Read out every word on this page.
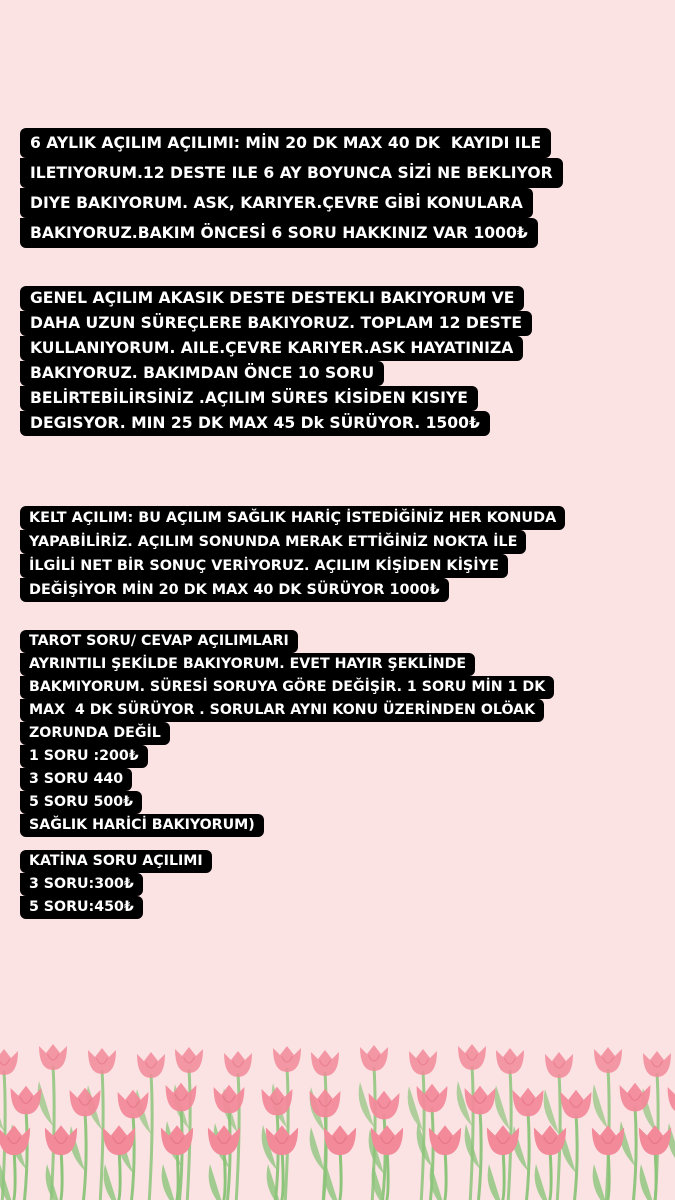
6 AYLIK AÇILIM AÇILIMI: MİN 20 DK MAX 40 DK  KAYIDI ILE
ILETIYORUM.12 DESTE ILE 6 AY BOYUNCA SİZİ NE BEKLIYOR
DIYE BAKIYORUM. ASK, KARIYER.ÇEVRE GİBİ KONULARA
BAKIYORUZ.BAKIM ÖNCESİ 6 SORU HAKKINIZ VAR 1000₺
GENEL AÇILIM AKASIK DESTE DESTEKLI BAKIYORUM VE
DAHA UZUN SÜREÇLERE BAKIYORUZ. TOPLAM 12 DESTE
KULLANIYORUM. AILE.ÇEVRE KARIYER.ASK HAYATINIZA
BAKIYORUZ. BAKIMDAN ÖNCE 10 SORU
BELİRTEBİLİRSİNİZ .AÇILIM SÜRES KİSİDEN KISIYE
DEGISYOR. MIN 25 DK MAX 45 Dk SÜRÜYOR. 1500₺
KELT AÇILIM: BU AÇILIM SAĞLIK HARİÇ İSTEDİĞİNİZ HER KONUDA
YAPABİLİRİZ. AÇILIM SONUNDA MERAK ETTİĞİNİZ NOKTA İLE
İLGİLİ NET BİR SONUÇ VERİYORUZ. AÇILIM KİŞİDEN KİŞİYE
DEĞİŞİYOR MİN 20 DK MAX 40 DK SÜRÜYOR 1000₺
TAROT SORU/ CEVAP AÇILIMLARI
AYRINTILI ŞEKİLDE BAKIYORUM. EVET HAYIR ŞEKLİNDE
BAKMIYORUM. SÜRESİ SORUYA GÖRE DEĞİŞİR. 1 SORU MİN 1 DK
MAX  4 DK SÜRÜYOR . SORULAR AYNI KONU ÜZERİNDEN OLÖAK
ZORUNDA DEĞİL
1 SORU :200₺
3 SORU 440
5 SORU 500₺
SAĞLIK HARİCİ BAKIYORUM)
KATİNA SORU AÇILIMI
3 SORU:300₺
5 SORU:450₺
